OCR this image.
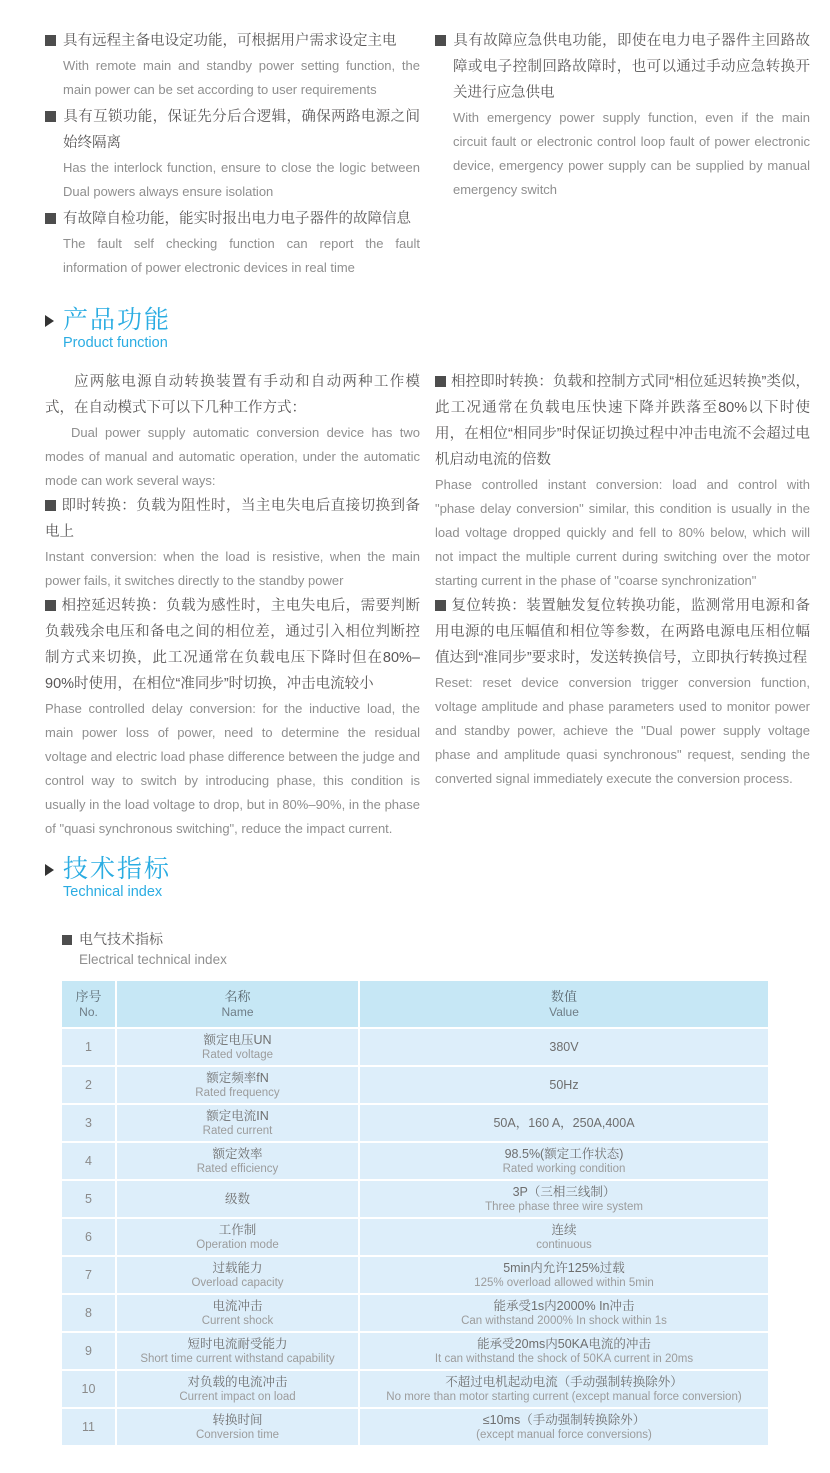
具有远程主备电设定功能，可根据用户需求设定主电
With remote main and standby power setting function, the main power can be set according to user requirements
具有互锁功能，保证先分后合逻辑，确保两路电源之间始终隔离
Has the interlock function, ensure to close the logic between Dual powers always ensure isolation
有故障自检功能，能实时报出电力电子器件的故障信息
The fault self checking function can report the fault information of power electronic devices in real time
具有故障应急供电功能，即使在电力电子器件主回路故障或电子控制回路故障时，也可以通过手动应急转换开关进行应急供电
With emergency power supply function, even if the main circuit fault or electronic control loop fault of power electronic device, emergency power supply can be supplied by manual emergency switch
产品功能
Product function
应两舷电源自动转换装置有手动和自动两种工作模式，在自动模式下可以下几种工作方式：
Dual power supply automatic conversion device has two modes of manual and automatic operation, under the automatic mode can work several ways:
即时转换：负载为阻性时，当主电失电后直接切换到备电上
Instant conversion: when the load is resistive, when the main power fails, it switches directly to the standby power
相控延迟转换：负载为感性时，主电失电后，需要判断负载残余电压和备电之间的相位差，通过引入相位判断控制方式来切换，此工况通常在负载电压下降时但在80%–90%时使用，在相位“准同步”时切换，冲击电流较小
Phase controlled delay conversion: for the inductive load, the main power loss of power, need to determine the residual voltage and electric load phase difference between the judge and control way to switch by introducing phase, this condition is usually in the load voltage to drop, but in 80%–90%, in the phase of "quasi synchronous switching", reduce the impact current.
相控即时转换：负载和控制方式同“相位延迟转换”类似，此工况通常在负载电压快速下降并跌落至80%以下时使用，在相位“相同步”时保证切换过程中冲击电流不会超过电机启动电流的倍数
Phase controlled instant conversion: load and control with "phase delay conversion" similar, this condition is usually in the load voltage dropped quickly and fell to 80% below, which will not impact the multiple current during switching over the motor starting current in the phase of "coarse synchronization"
复位转换：装置触发复位转换功能，监测常用电源和备用电源的电压幅值和相位等参数，在两路电源电压相位幅值达到“准同步”要求时，发送转换信号，立即执行转换过程
Reset: reset device conversion trigger conversion function, voltage amplitude and phase parameters used to monitor power and standby power, achieve the "Dual power supply voltage phase and amplitude quasi synchronous" request, sending the converted signal immediately execute the conversion process.
技术指标
Technical index
电气技术指标
Electrical technical index
序号
No.
名称
Name
数值
Value
1
额定电压UN
Rated voltage
380V
2
额定频率fN
Rated frequency
50Hz
3
额定电流IN
Rated current
50A，160 A，250A,400A
4
额定效率
Rated efficiency
98.5%(额定工作状态)
Rated working condition
5	级数
3P（三相三线制）
Three phase three wire system
6
工作制
Operation mode
连续
continuous
7
过载能力
Overload capacity
5min内允许125%过载
125% overload allowed within 5min
8
电流冲击
Current shock
能承受1s内2000% In冲击
Can withstand 2000% In shock within 1s
9
短时电流耐受能力
Short time current withstand capability
能承受20ms内50KA电流的冲击
It can withstand the shock of 50KA current in 20ms
10
对负载的电流冲击
Current impact on load
不超过电机起动电流（手动强制转换除外）
No more than motor starting current (except manual force conversion)
11
转换时间
Conversion time
≤10ms（手动强制转换除外）
(except manual force conversions)
